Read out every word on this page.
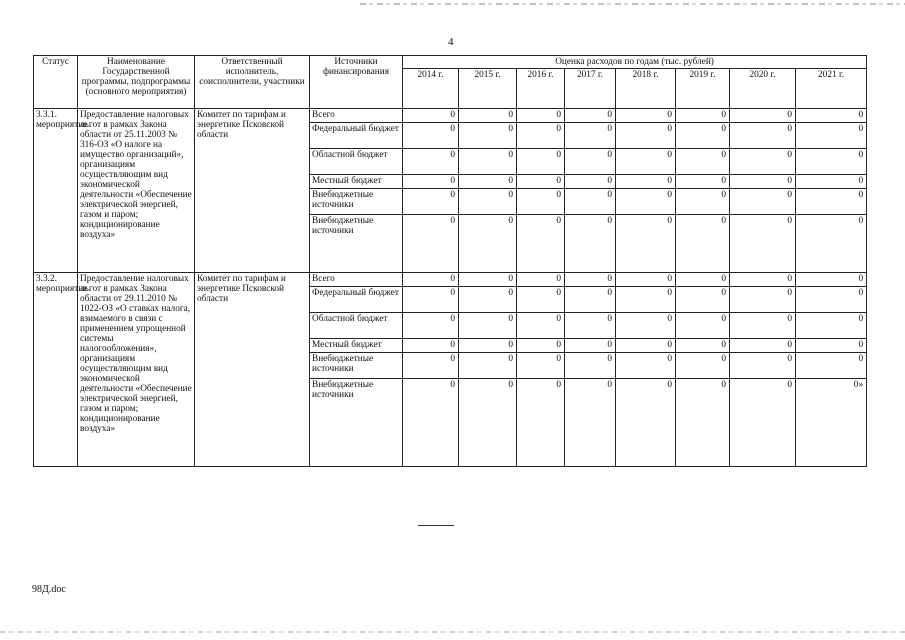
4
Статус	Наименование Государственной программы, подпрограммы (основного мероприятия)	Ответственный исполнитель, соисполнители, участники	Источники финансирования	Оценка расходов по годам (тыс. рублей)							
				2014 г.	2015 г.	2016 г.	2017 г.	2018 г.	2019 г.	2020 г.	2021 г.
3.3.1. мероприятие	Предоставление налоговых льгот в рамках Закона области от 25.11.2003 № 316-ОЗ «О налоге на имущество организаций», организациям осуществляющим вид экономической деятельности «Обеспечение электрической энергией, газом и паром; кондиционирование воздуха»	Комитет по тарифам и энергетике Псковской области	Всего	0	0	0	0	0	0	0	0
			Федеральный бюджет	0	0	0	0	0	0	0	0
			Областной бюджет	0	0	0	0	0	0	0	0
			Местный бюджет	0	0	0	0	0	0	0	0
			Внебюджетные источники	0	0	0	0	0	0	0	0
			Внебюджетные источники	0	0	0	0	0	0	0	0
3.3.2. мероприятие	Предоставление налоговых льгот в рамках Закона области от 29.11.2010 № 1022-ОЗ «О ставках налога, взимаемого в связи с применением упрощенной системы налогообложения», организациям осуществляющим вид экономической деятельности «Обеспечение электрической энергией, газом и паром; кондиционирование воздуха»	Комитет по тарифам и энергетике Псковской области	Всего	0	0	0	0	0	0	0	0
			Федеральный бюджет	0	0	0	0	0	0	0	0
			Областной бюджет	0	0	0	0	0	0	0	0
			Местный бюджет	0	0	0	0	0	0	0	0
			Внебюджетные источники	0	0	0	0	0	0	0	0
			Внебюджетные источники	0	0	0	0	0	0	0	0»
98Д.doc
